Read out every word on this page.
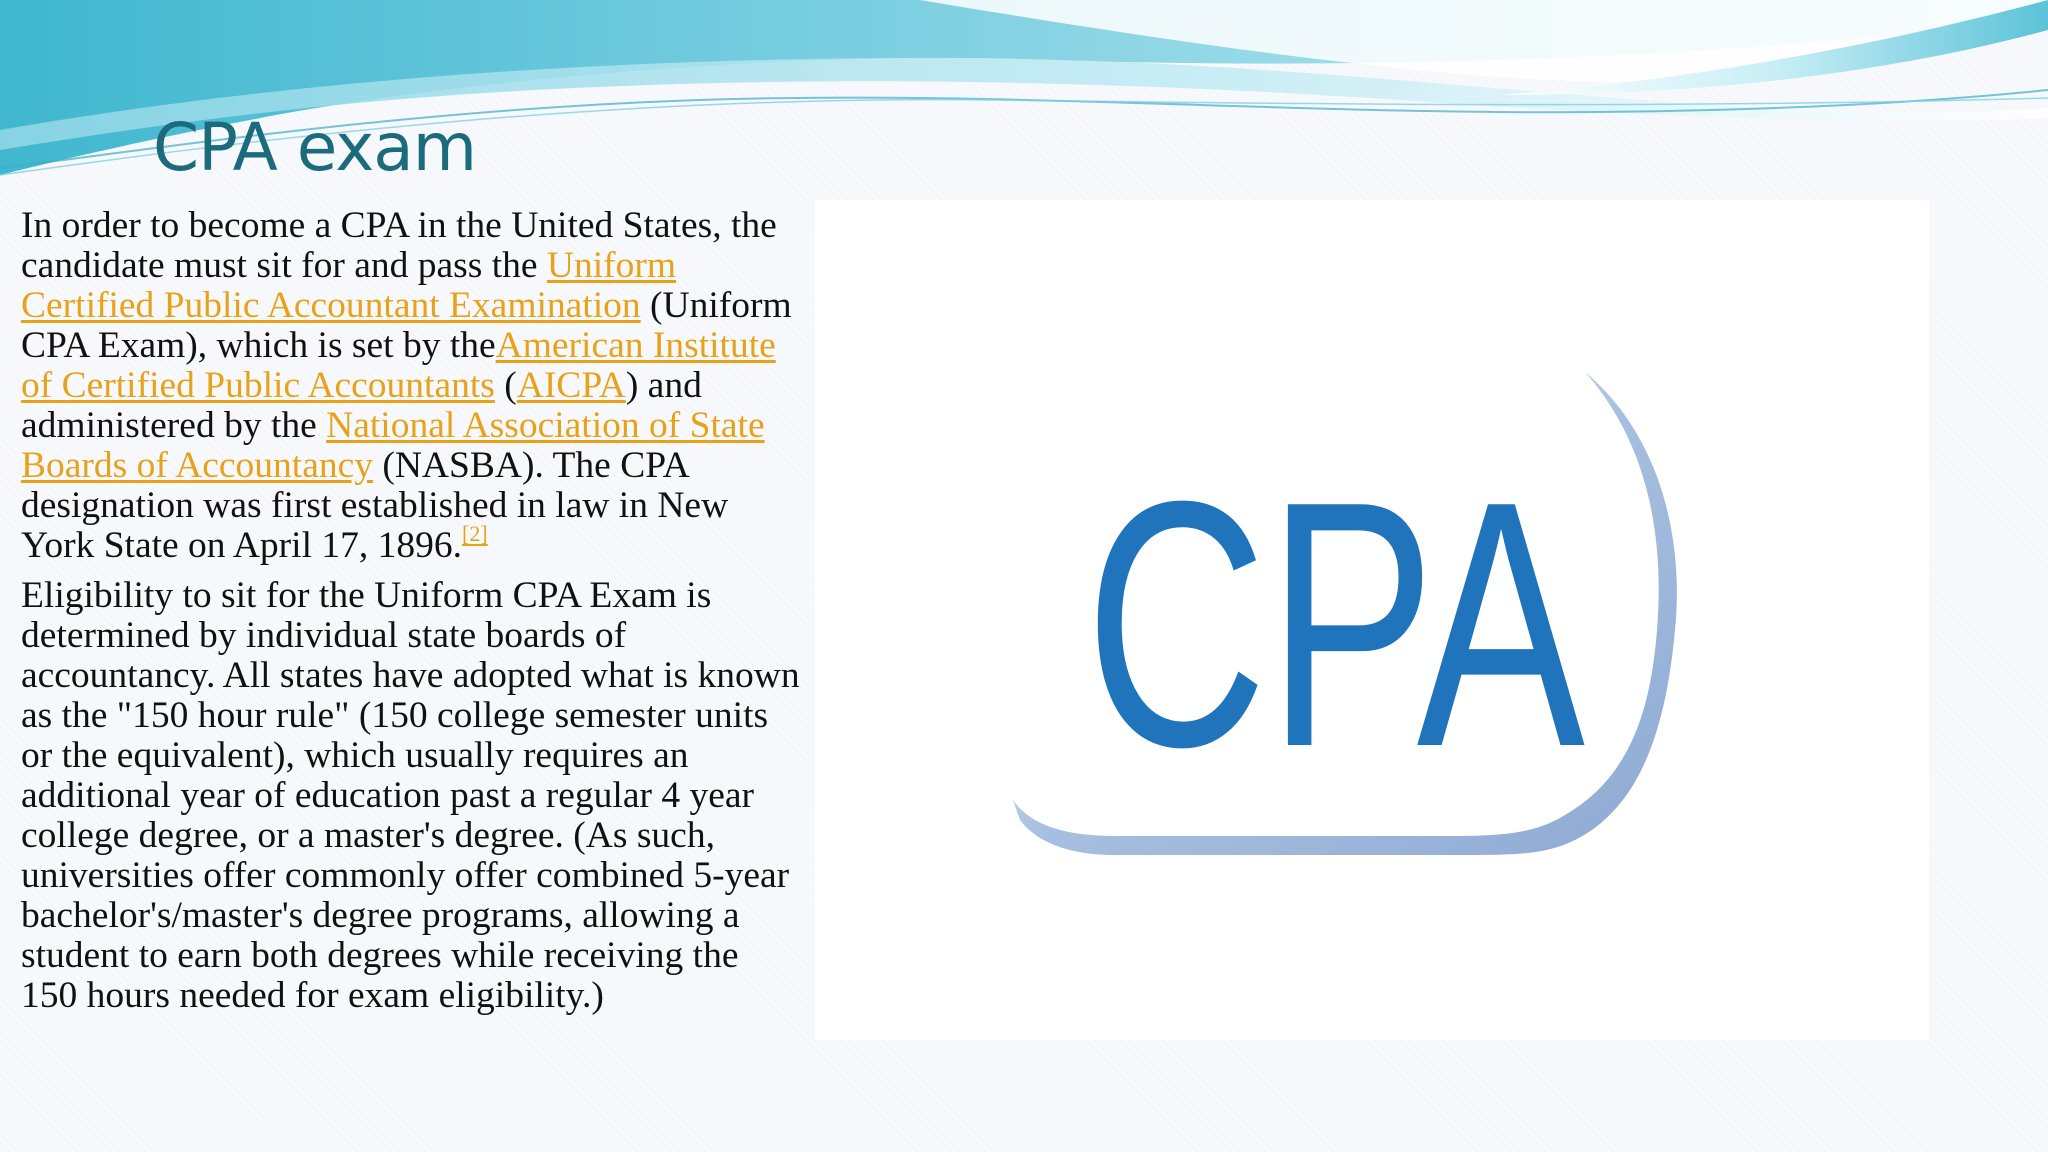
CPA exam

In order to become a CPA in the United States, the candidate must sit for and pass the Uniform Certified Public Accountant Examination (Uniform CPA Exam), which is set by theAmerican Institute of Certified Public Accountants (AICPA) and administered by the National Association of State Boards of Accountancy (NASBA). The CPA designation was first established in law in New York State on April 17, 1896.[2]

Eligibility to sit for the Uniform CPA Exam is determined by individual state boards of accountancy. All states have adopted what is known as the "150 hour rule" (150 college semester units or the equivalent), which usually requires an additional year of education past a regular 4 year college degree, or a master's degree. (As such, universities offer commonly offer combined 5-year bachelor's/master's degree programs, allowing a student to earn both degrees while receiving the 150 hours needed for exam eligibility.)

CPA
